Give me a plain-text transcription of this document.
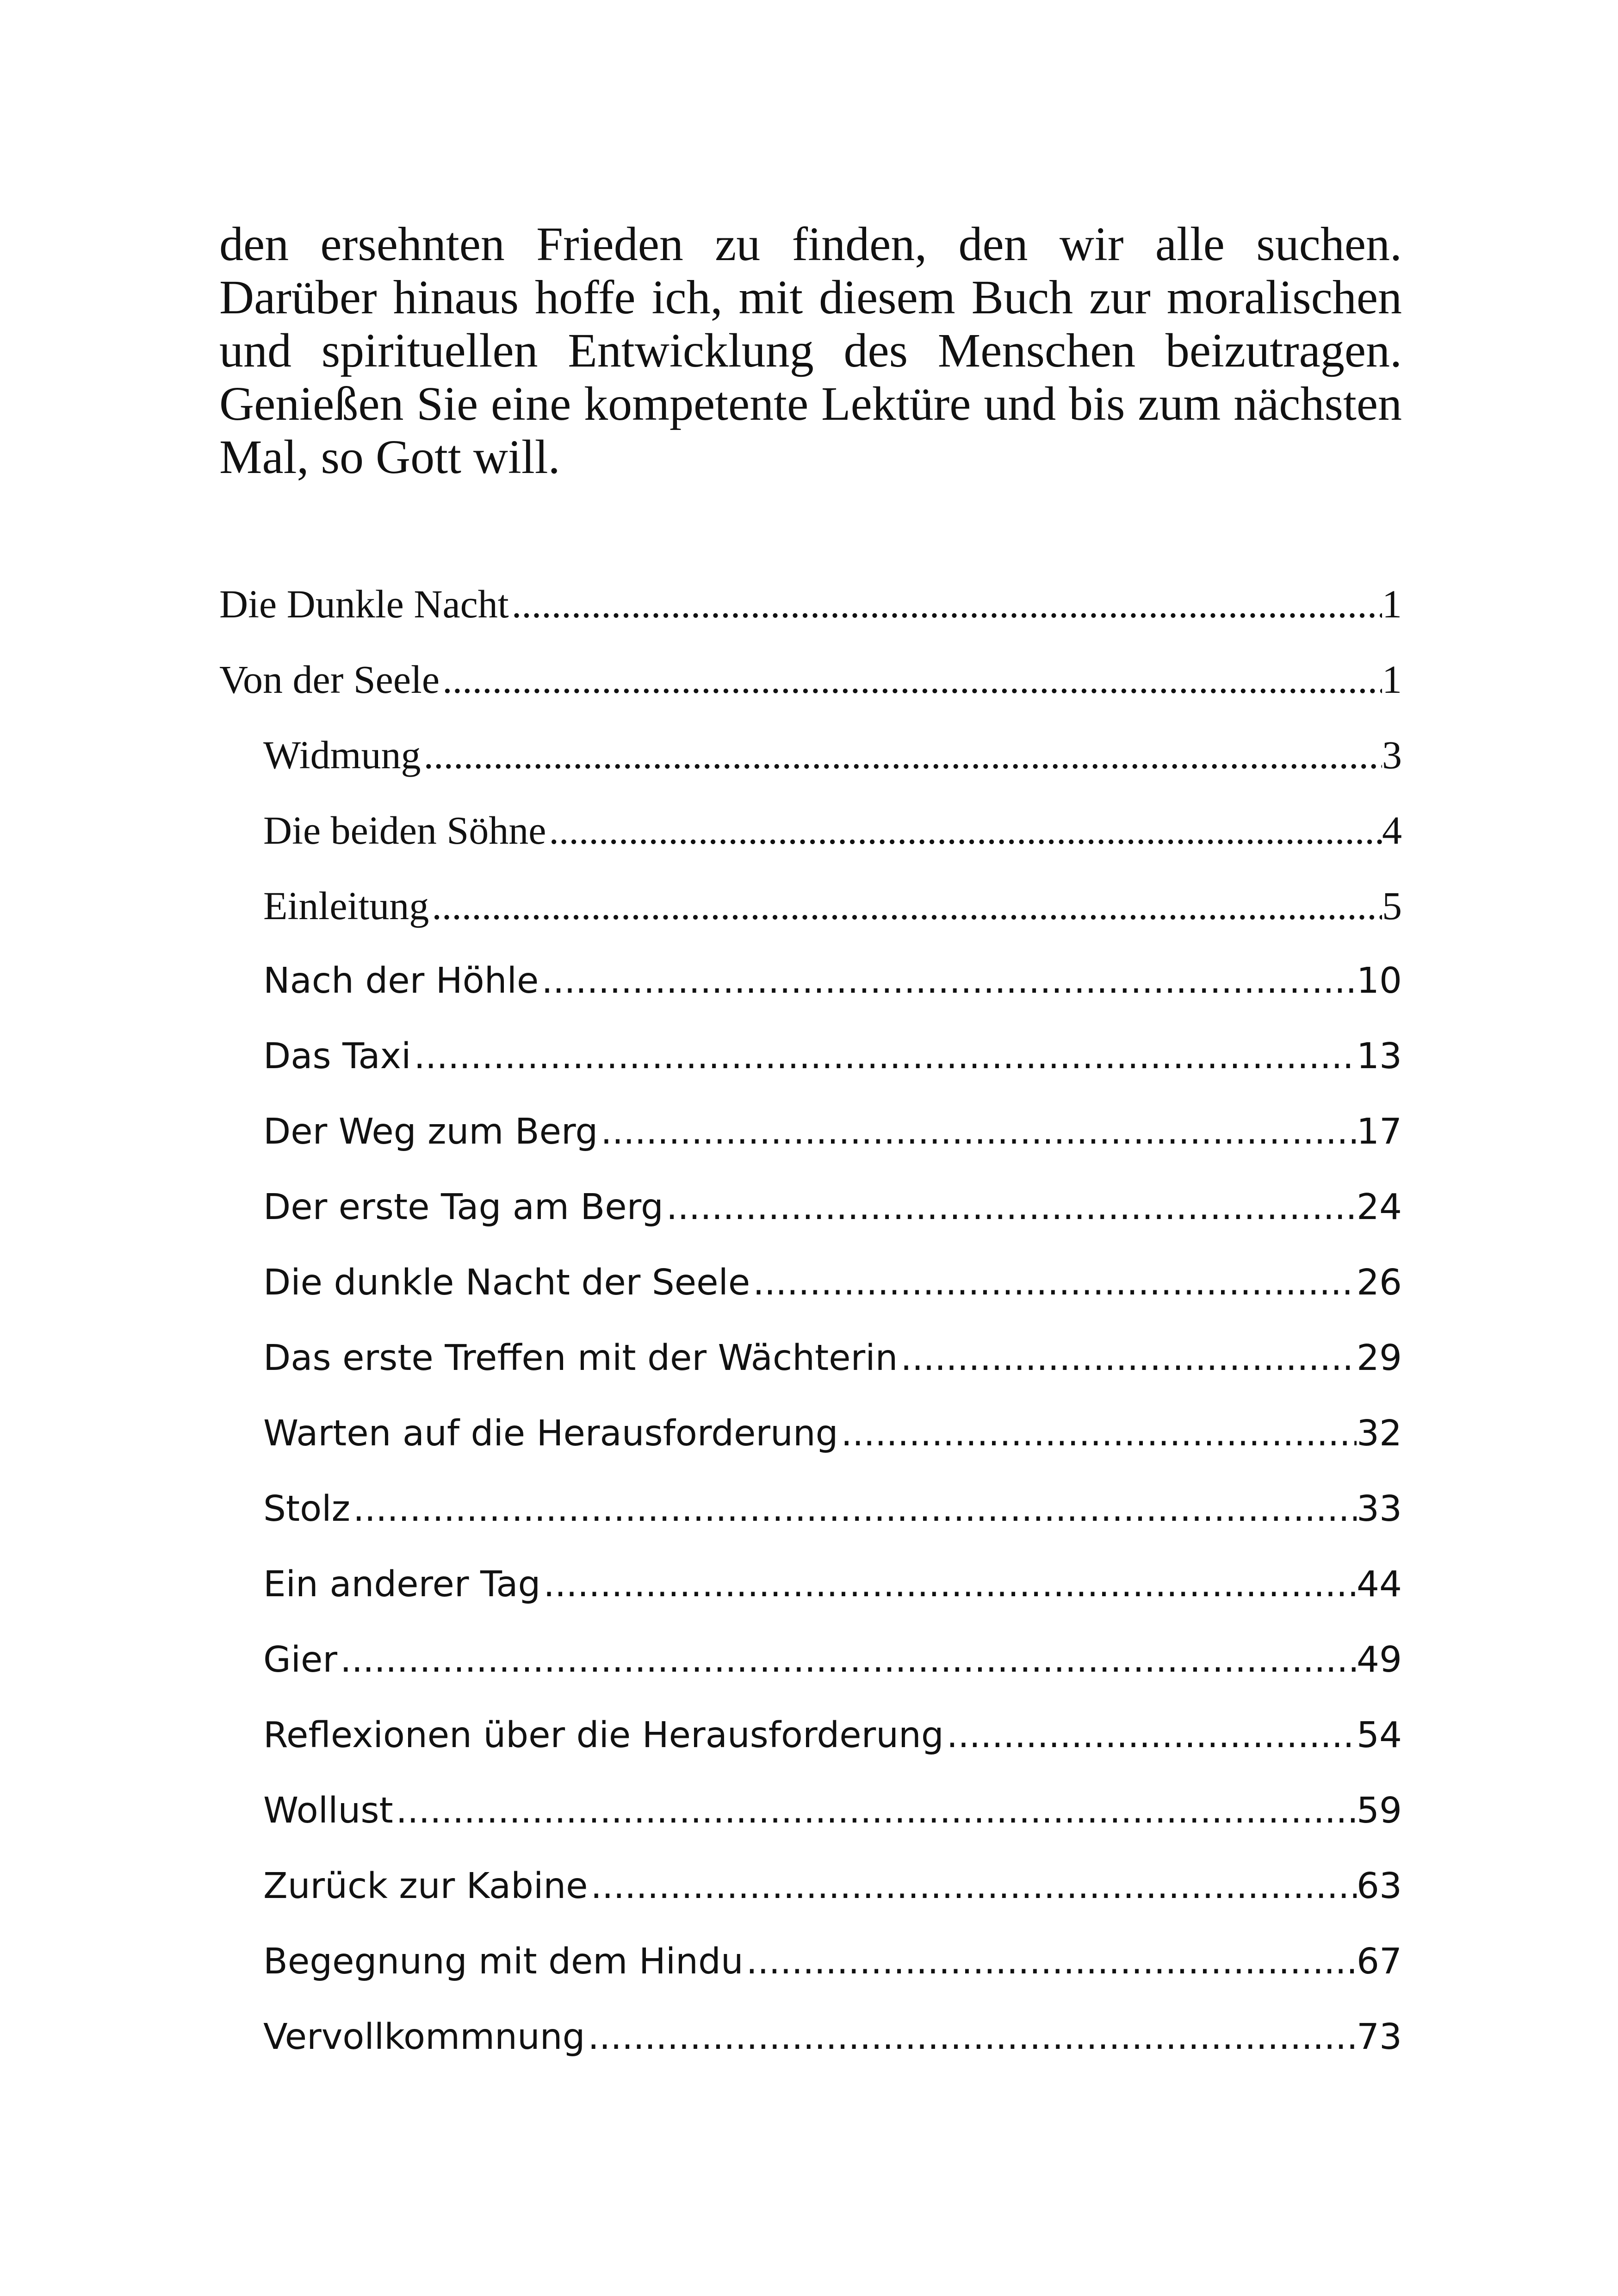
den ersehnten Frieden zu finden, den wir alle suchen. Darüber hinaus hoffe ich, mit diesem Buch zur moralischen und spirituellen Entwicklung des Menschen beizutragen. Genießen Sie eine kompetente Lektüre und bis zum nächsten Mal, so Gott will.

Die Dunkle Nacht .....	1
Von der Seele .....	1
Widmung .....	3
Die beiden Söhne .....	4
Einleitung .....	5
Nach der Höhle .....	10
Das Taxi .....	13
Der Weg zum Berg .....	17
Der erste Tag am Berg .....	24
Die dunkle Nacht der Seele .....	26
Das erste Treffen mit der Wächterin .....	29
Warten auf die Herausforderung .....	32
Stolz .....	33
Ein anderer Tag .....	44
Gier .....	49
Reflexionen über die Herausforderung .....	54
Wollust .....	59
Zurück zur Kabine .....	63
Begegnung mit dem Hindu .....	67
Vervollkommnung .....	73
